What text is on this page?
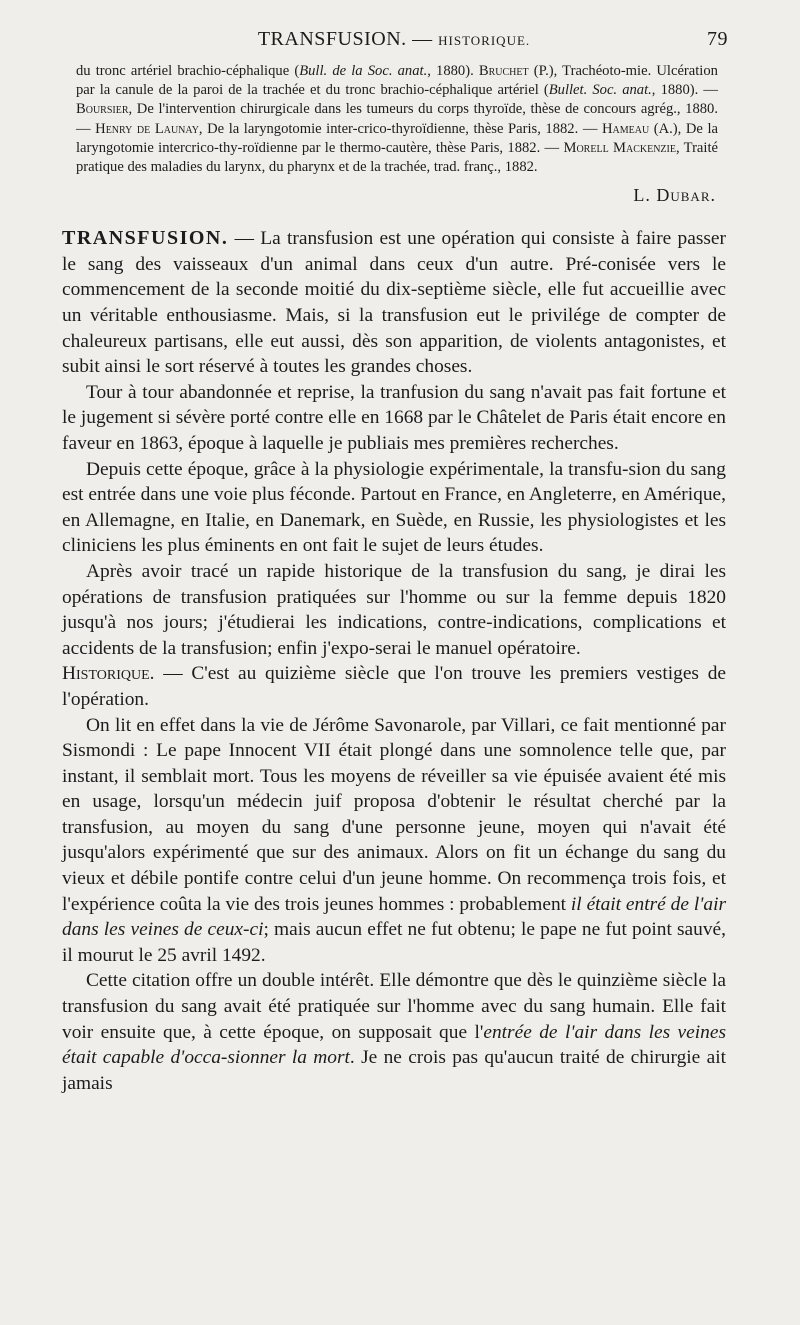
TRANSFUSION. — HISTORIQUE.	79
du tronc artériel brachio-céphalique (Bull. de la Soc. anat., 1880). Bruchet (P.), Trachéoto-mie. Ulcération par la canule de la paroi de la trachée et du tronc brachio-céphalique artériel (Bullet. Soc. anat., 1880). — Boursier, De l'intervention chirurgicale dans les tumeurs du corps thyroïde, thèse de concours agrég., 1880. — Henry de Launay, De la laryngotomie inter-crico-thyroïdienne, thèse Paris, 1882. — Hameau (A.), De la laryngotomie intercrico-thy-roïdienne par le thermo-cautère, thèse Paris, 1882. — Morell Mackenzie, Traité pratique des maladies du larynx, du pharynx et de la trachée, trad. franç., 1882.
L. Dubar.

TRANSFUSION. — La transfusion est une opération qui consiste à faire passer le sang des vaisseaux d'un animal dans ceux d'un autre. Pré-conisée vers le commencement de la seconde moitié du dix-septième siècle, elle fut accueillie avec un véritable enthousiasme. Mais, si la transfusion eut le privilége de compter de chaleureux partisans, elle eut aussi, dès son apparition, de violents antagonistes, et subit ainsi le sort réservé à toutes les grandes choses.

Tour à tour abandonnée et reprise, la tranfusion du sang n'avait pas fait fortune et le jugement si sévère porté contre elle en 1668 par le Châtelet de Paris était encore en faveur en 1863, époque à laquelle je publiais mes premières recherches.

Depuis cette époque, grâce à la physiologie expérimentale, la transfu-sion du sang est entrée dans une voie plus féconde. Partout en France, en Angleterre, en Amérique, en Allemagne, en Italie, en Danemark, en Suède, en Russie, les physiologistes et les cliniciens les plus éminents en ont fait le sujet de leurs études.

Après avoir tracé un rapide historique de la transfusion du sang, je dirai les opérations de transfusion pratiquées sur l'homme ou sur la femme depuis 1820 jusqu'à nos jours; j'étudierai les indications, contre-indications, complications et accidents de la transfusion; enfin j'expo-serai le manuel opératoire.

Historique. — C'est au quizième siècle que l'on trouve les premiers vestiges de l'opération.

On lit en effet dans la vie de Jérôme Savonarole, par Villari, ce fait mentionné par Sismondi : Le pape Innocent VII était plongé dans une somnolence telle que, par instant, il semblait mort. Tous les moyens de réveiller sa vie épuisée avaient été mis en usage, lorsqu'un médecin juif proposa d'obtenir le résultat cherché par la transfusion, au moyen du sang d'une personne jeune, moyen qui n'avait été jusqu'alors expérimenté que sur des animaux. Alors on fit un échange du sang du vieux et débile pontife contre celui d'un jeune homme. On recommença trois fois, et l'expérience coûta la vie des trois jeunes hommes : probablement il était entré de l'air dans les veines de ceux-ci; mais aucun effet ne fut obtenu; le pape ne fut point sauvé, il mourut le 25 avril 1492.

Cette citation offre un double intérêt. Elle démontre que dès le quinzième siècle la transfusion du sang avait été pratiquée sur l'homme avec du sang humain. Elle fait voir ensuite que, à cette époque, on supposait que l'entrée de l'air dans les veines était capable d'occa-sionner la mort. Je ne crois pas qu'aucun traité de chirurgie ait jamais
